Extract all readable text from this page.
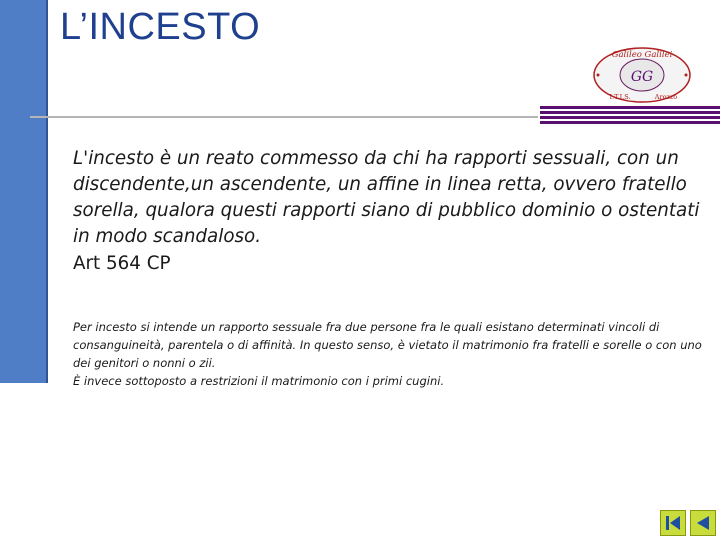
L’INCESTO
Galileo Galilei
GG
I.T.I.S.	Arezzo
L'incesto è un reato commesso da chi ha rapporti sessuali, con un discendente,un ascendente, un affine in linea retta, ovvero fratello sorella, qualora questi rapporti siano di pubblico dominio o ostentati in modo scandaloso.
Art 564 CP
Per incesto si intende un rapporto sessuale fra due persone fra le quali esistano determinati vincoli di consanguineità, parentela o di affinità. In questo senso, è vietato il matrimonio fra fratelli e sorelle o con uno dei genitori o nonni o zii.
È invece sottoposto a restrizioni il matrimonio con i primi cugini.
